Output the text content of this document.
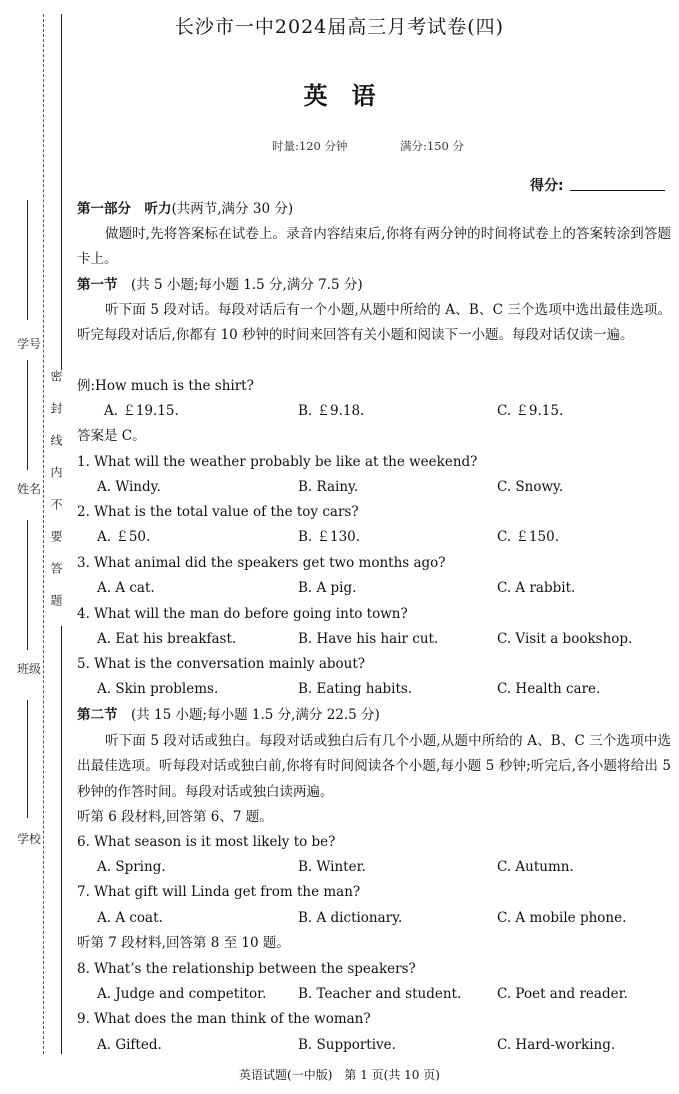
学号
姓名
班级
学校
密封线内不要答题
长沙市一中2024届高三月考试卷(四)
英语
时量:120 分钟	满分:150 分
得分:
第一部分　听力(共两节,满分 30 分)
做题时,先将答案标在试卷上。录音内容结束后,你将有两分钟的时间将试卷上的答案转涂到答题卡上。
第一节　(共 5 小题;每小题 1.5 分,满分 7.5 分)
听下面 5 段对话。每段对话后有一个小题,从题中所给的 A、B、C 三个选项中选出最佳选项。听完每段对话后,你都有 10 秒钟的时间来回答有关小题和阅读下一小题。每段对话仅读一遍。
例:How much is the shirt?
A. ￡19.15.	B. ￡9.18.	C. ￡9.15.
答案是 C。
1. What will the weather probably be like at the weekend?
A. Windy.	B. Rainy.	C. Snowy.
2. What is the total value of the toy cars?
A. ￡50.	B. ￡130.	C. ￡150.
3. What animal did the speakers get two months ago?
A. A cat.	B. A pig.	C. A rabbit.
4. What will the man do before going into town?
A. Eat his breakfast.	B. Have his hair cut.	C. Visit a bookshop.
5. What is the conversation mainly about?
A. Skin problems.	B. Eating habits.	C. Health care.
第二节　(共 15 小题;每小题 1.5 分,满分 22.5 分)
听下面 5 段对话或独白。每段对话或独白后有几个小题,从题中所给的 A、B、C 三个选项中选出最佳选项。听每段对话或独白前,你将有时间阅读各个小题,每小题 5 秒钟;听完后,各小题将给出 5 秒钟的作答时间。每段对话或独白读两遍。
听第 6 段材料,回答第 6、7 题。
6. What season is it most likely to be?
A. Spring.	B. Winter.	C. Autumn.
7. What gift will Linda get from the man?
A. A coat.	B. A dictionary.	C. A mobile phone.
听第 7 段材料,回答第 8 至 10 题。
8. What’s the relationship between the speakers?
A. Judge and competitor. B. Teacher and student.	C. Poet and reader.
9. What does the man think of the woman?
A. Gifted.	B. Supportive.	C. Hard-working.
英语试题(一中版)　第 1 页(共 10 页)
